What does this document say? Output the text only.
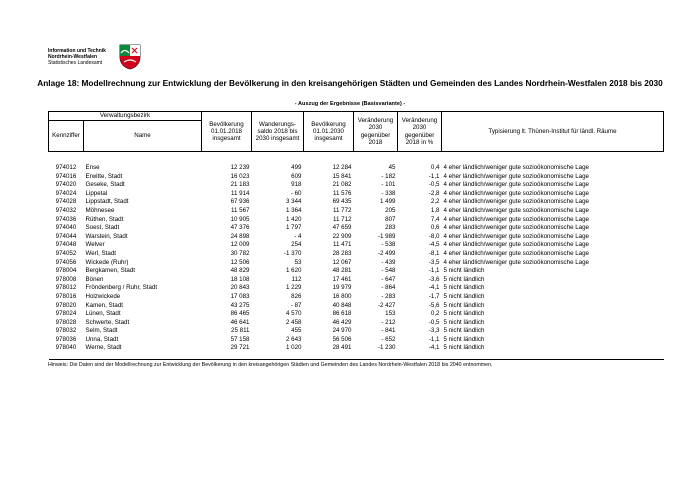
Information und Technik
Nordrhein-Westfalen
Statistisches Landesamt
Anlage 18: Modellrechnung zur Entwicklung der Bevölkerung in den kreisangehörigen Städten und Gemeinden des Landes Nordrhein-Westfalen 2018 bis 2030
- Auszug der Ergebnisse (Basisvariante) -
Verwaltungsbezirk		Bevölkerung 01.01.2018 insgesamt	Wanderungs-saldo 2018 bis 2030 insgesamt	Bevölkerung 01.01.2030 insgesamt	Veränderung 2030 gegenüber 2018	Veränderung 2030 gegenüber 2018 in %	Typisierung lt. Thünen-Institut für ländl. Räume
Kennziffer	Name						

974012	Ense	12 239	499	12 284	45	0,4	4 eher ländlich/weniger gute sozioökonomische Lage
974016	Erwitte, Stadt	16 023	609	15 841	- 182	-1,1	4 eher ländlich/weniger gute sozioökonomische Lage
974020	Geseke, Stadt	21 183	918	21 082	- 101	-0,5	4 eher ländlich/weniger gute sozioökonomische Lage
974024	Lippetal	11 914	- 60	11 576	- 338	-2,8	4 eher ländlich/weniger gute sozioökonomische Lage
974028	Lippstadt, Stadt	67 936	3 344	69 435	1 499	2,2	4 eher ländlich/weniger gute sozioökonomische Lage
974032	Möhnesee	11 567	1 364	11 772	205	1,8	4 eher ländlich/weniger gute sozioökonomische Lage
974036	Rüthen, Stadt	10 905	1 420	11 712	807	7,4	4 eher ländlich/weniger gute sozioökonomische Lage
974040	Soest, Stadt	47 376	1 797	47 659	283	0,6	4 eher ländlich/weniger gute sozioökonomische Lage
974044	Warstein, Stadt	24 898	- 4	22 909	-1 989	-8,0	4 eher ländlich/weniger gute sozioökonomische Lage
974048	Welver	12 009	254	11 471	- 538	-4,5	4 eher ländlich/weniger gute sozioökonomische Lage
974052	Werl, Stadt	30 782	-1 370	28 283	-2 499	-8,1	4 eher ländlich/weniger gute sozioökonomische Lage
974056	Wickede (Ruhr)	12 506	53	12 067	- 439	-3,5	4 eher ländlich/weniger gute sozioökonomische Lage
978004	Bergkamen, Stadt	48 829	1 620	48 281	- 548	-1,1	5 nicht ländlich
978008	Bönen	18 108	112	17 461	- 647	-3,6	5 nicht ländlich
978012	Fröndenberg / Ruhr, Stadt	20 843	1 229	19 979	- 864	-4,1	5 nicht ländlich
978016	Holzwickede	17 083	826	16 800	- 283	-1,7	5 nicht ländlich
978020	Kamen, Stadt	43 275	- 87	40 848	-2 427	-5,6	5 nicht ländlich
978024	Lünen, Stadt	86 465	4 570	86 618	153	0,2	5 nicht ländlich
978028	Schwerte, Stadt	46 641	2 458	46 429	- 212	-0,5	5 nicht ländlich
978032	Selm, Stadt	25 811	455	24 970	- 841	-3,3	5 nicht ländlich
978036	Unna, Stadt	57 158	2 643	56 506	- 652	-1,1	5 nicht ländlich
978040	Werne, Stadt	29 721	1 020	28 491	-1 230	-4,1	5 nicht ländlich

Hinweis: Die Daten sind der Modellrechnung zur Entwicklung der Bevölkerung in den kreisangehörigen Städten und Gemeinden des Landes Nordrhein-Westfalen 2018 bis 2040 entnommen.
